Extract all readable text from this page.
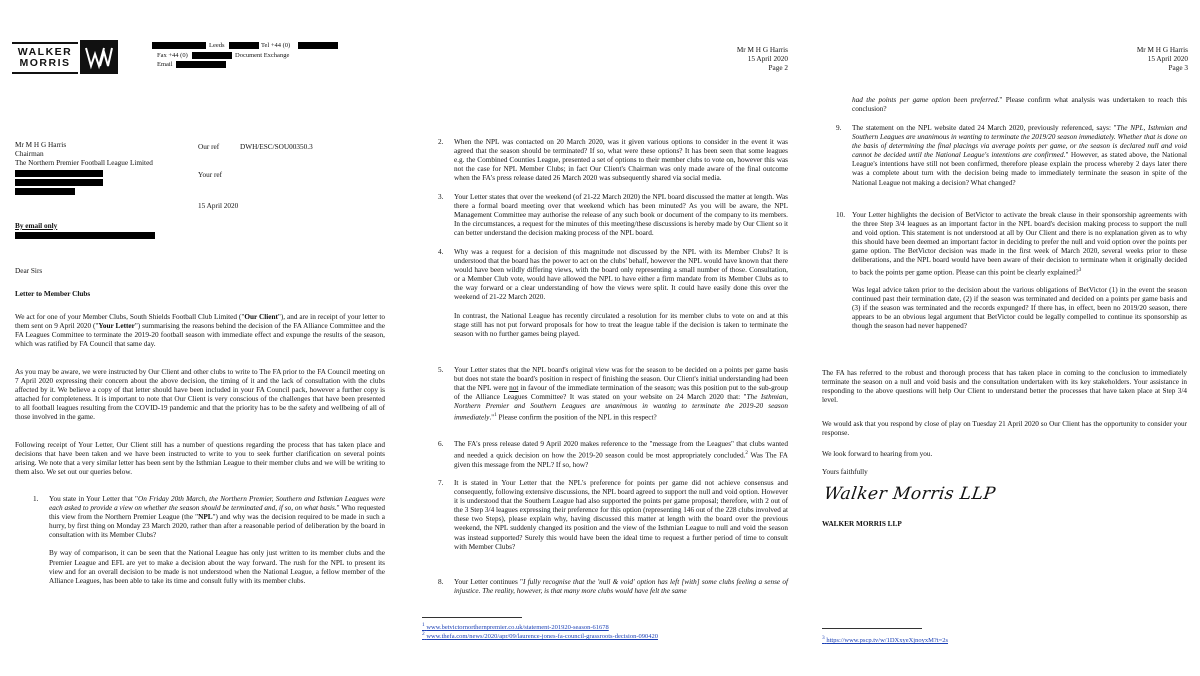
WALKER
MORRIS
Leeds	Tel +44 (0)
Fax +44 (0)	Document Exchange
Email
Mr M H G Harris
Chairman
The Northern Premier Football League Limited
Our ref	DWH/ESC/SOU00350.3
Your ref
15 April 2020
By email only
Dear Sirs
Letter to Member Clubs

We act for one of your Member Clubs, South Shields Football Club Limited ("Our Client"), and are in receipt of your letter to them sent on 9 April 2020 ("Your Letter") summarising the reasons behind the decision of the FA Alliance Committee and the FA Leagues Committee to terminate the 2019-20 football season with immediate effect and expunge the results of the season, which was ratified by FA Council that same day.

As you may be aware, we were instructed by Our Client and other clubs to write to The FA prior to the FA Council meeting on 7 April 2020 expressing their concern about the above decision, the timing of it and the lack of consultation with the clubs affected by it. We believe a copy of that letter should have been included in your FA Council pack, however a further copy is attached for completeness. It is important to note that Our Client is very conscious of the challenges that have been presented to all football leagues resulting from the COVID-19 pandemic and that the priority has to be the safety and wellbeing of all of those involved in the game.

Following receipt of Your Letter, Our Client still has a number of questions regarding the process that has taken place and decisions that have been taken and we have been instructed to write to you to seek further clarification on several points arising. We note that a very similar letter has been sent by the Isthmian League to their member clubs and we will be writing to them also. We set out our queries below.

1. You state in Your Letter that "On Friday 20th March, the Northern Premier, Southern and Isthmian Leagues were each asked to provide a view on whether the season should be terminated and, if so, on what basis." Who requested this view from the Northern Premier League (the "NPL") and why was the decision required to be made in such a hurry, by first thing on Monday 23 March 2020, rather than after a reasonable period of deliberation by the board in consultation with its Member Clubs?

By way of comparison, it can be seen that the National League has only just written to its member clubs and the Premier League and EFL are yet to make a decision about the way forward. The rush for the NPL to present its view and for an overall decision to be made is not understood when the National League, a fellow member of the Alliance Leagues, has been able to take its time and consult fully with its member clubs.

Mr M H G Harris
15 April 2020
Page 2
2. When the NPL was contacted on 20 March 2020, was it given various options to consider in the event it was agreed that the season should be terminated? If so, what were these options? It has been seen that some leagues e.g. the Combined Counties League, presented a set of options to their member clubs to vote on, however this was not the case for NPL Member Clubs; in fact Our Client's Chairman was only made aware of the final outcome when the FA's press release dated 26 March 2020 was subsequently shared via social media.

3. Your Letter states that over the weekend (of 21-22 March 2020) the NPL board discussed the matter at length. Was there a formal board meeting over that weekend which has been minuted? As you will be aware, the NPL Management Committee may authorise the release of any such book or document of the company to its members. In the circumstances, a request for the minutes of this meeting/these discussions is hereby made by Our Client so it can better understand the decision making process of the NPL board.

4. Why was a request for a decision of this magnitude not discussed by the NPL with its Member Clubs? It is understood that the board has the power to act on the clubs' behalf, however the NPL would have known that there would have been wildly differing views, with the board only representing a small number of those. Consultation, or a Member Club vote, would have allowed the NPL to have either a firm mandate from its Member Clubs as to the way forward or a clear understanding of how the views were split. It could have easily done this over the weekend of 21-22 March 2020.

In contrast, the National League has recently circulated a resolution for its member clubs to vote on and at this stage still has not put forward proposals for how to treat the league table if the decision is taken to terminate the season with no further games being played.

5. Your Letter states that the NPL board's original view was for the season to be decided on a points per game basis but does not state the board's position in respect of finishing the season. Our Client's initial understanding had been that the NPL were not in favour of the immediate termination of the season; was this position put to the sub-group of the Alliance Leagues Committee? It was stated on your website on 24 March 2020 that: "The Isthmian, Northern Premier and Southern Leagues are unanimous in wanting to terminate the 2019-20 season immediately."$^1$ Please confirm the position of the NPL in this respect?

6. The FA's press release dated 9 April 2020 makes reference to the "message from the Leagues" that clubs wanted and needed a quick decision on how the 2019-20 season could be most appropriately concluded.$^2$ Was The FA given this message from the NPL? If so, how?

7. It is stated in Your Letter that the NPL's preference for points per game did not achieve consensus and consequently, following extensive discussions, the NPL board agreed to support the null and void option. However it is understood that the Southern League had also supported the points per game proposal; therefore, with 2 out of the 3 Step 3/4 leagues expressing their preference for this option (representing 146 out of the 228 clubs involved at these two Steps), please explain why, having discussed this matter at length with the board over the previous weekend, the NPL suddenly changed its position and the view of the Isthmian League to null and void the season was instead supported? Surely this would have been the ideal time to request a further period of time to consult with Member Clubs?

8. Your Letter continues "I fully recognise that the 'null & void' option has left [with] some clubs feeling a sense of injustice. The reality, however, is that many more clubs would have felt the same

$^1$ www.betvictornorthernpremier.co.uk/statement-201920-season-61678
$^2$ www.thefa.com/news/2020/apr/09/laurence-jones-fa-council-grassroots-decision-090420
Mr M H G Harris
15 April 2020
Page 3

had the points per game option been preferred." Please confirm what analysis was undertaken to reach this conclusion?

9. The statement on the NPL website dated 24 March 2020, previously referenced, says: "The NPL, Isthmian and Southern Leagues are unanimous in wanting to terminate the 2019/20 season immediately. Whether that is done on the basis of determining the final placings via average points per game, or the season is declared null and void cannot be decided until the National League's intentions are confirmed." However, as stated above, the National League's intentions have still not been confirmed, therefore please explain the process whereby 2 days later there was a complete about turn with the decision being made to immediately terminate the season in spite of the National League not making a decision? What changed?

10. Your Letter highlights the decision of BetVictor to activate the break clause in their sponsorship agreements with the three Step 3/4 leagues as an important factor in the NPL board's decision making process to support the null and void option. This statement is not understood at all by Our Client and there is no explanation given as to why this should have been deemed an important factor in deciding to prefer the null and void option over the points per game option. The BetVictor decision was made in the first week of March 2020, several weeks prior to these deliberations, and the NPL board would have been aware of their decision to terminate when it originally decided to back the points per game option. Please can this point be clearly explained?$^3$

Was legal advice taken prior to the decision about the various obligations of BetVictor (1) in the event the season continued past their termination date, (2) if the season was terminated and decided on a points per game basis and (3) if the season was terminated and the records expunged? If there has, in effect, been no 2019/20 season, there appears to be an obvious legal argument that BetVictor could be legally compelled to continue its sponsorship as though the season had never happened?

The FA has referred to the robust and thorough process that has taken place in coming to the conclusion to immediately terminate the season on a null and void basis and the consultation undertaken with its key stakeholders. Your assistance in responding to the above questions will help Our Client to understand better the processes that have taken place at Step 3/4 level.

We would ask that you respond by close of play on Tuesday 21 April 2020 so Our Client has the opportunity to consider your response.

We look forward to hearing from you.
Yours faithfully
Walker Morris LLP
WALKER MORRIS LLP
$^3$ https://www.pscp.tv/w/1DXxyeXjnoyxM?t=2s
